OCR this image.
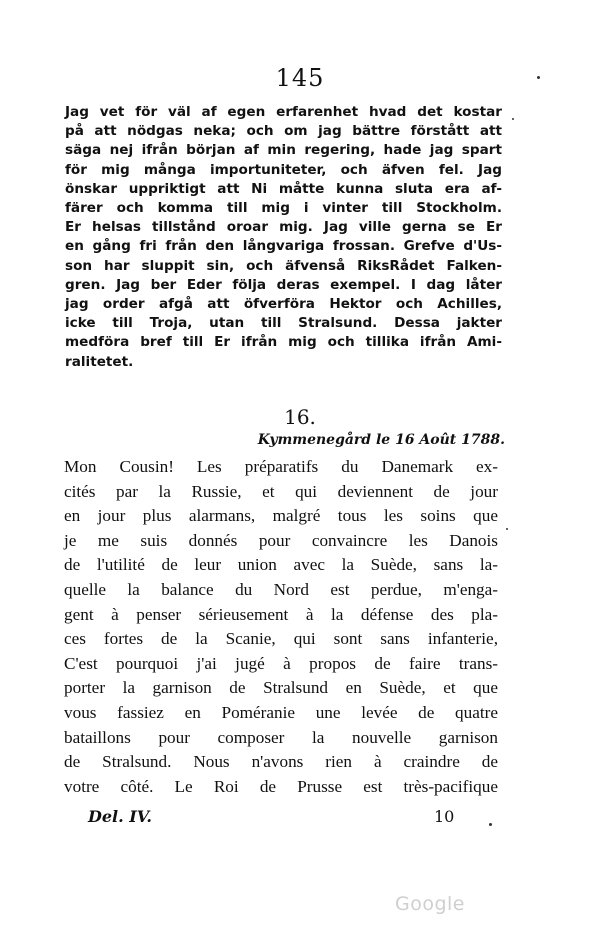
145
Jag vet för väl af egen erfarenhet hvad det kostar
på att nödgas neka; och om jag bättre förstått att
säga nej ifrån början af min regering, hade jag spart
för mig många importuniteter, och äfven fel. Jag
önskar uppriktigt att Ni måtte kunna sluta era af-
färer och komma till mig i vinter till Stockholm.
Er helsas tillstånd oroar mig. Jag ville gerna se Er
en gång fri från den långvariga frossan. Grefve d'Us-
son har sluppit sin, och äfvenså RiksRådet Falken-
gren. Jag ber Eder följa deras exempel. I dag låter
jag order afgå att öfverföra Hektor och Achilles,
icke till Troja, utan till Stralsund. Dessa jakter
medföra bref till Er ifrån mig och tillika ifrån Ami-
ralitetet.
16.
Kymmenegård le 16 Août 1788.
Mon Cousin! Les préparatifs du Danemark ex-
cités par la Russie, et qui deviennent de jour
en jour plus alarmans, malgré tous les soins que
je me suis donnés pour convaincre les Danois
de l'utilité de leur union avec la Suède, sans la-
quelle la balance du Nord est perdue, m'enga-
gent à penser sérieusement à la défense des pla-
ces fortes de la Scanie, qui sont sans infanterie,
C'est pourquoi j'ai jugé à propos de faire trans-
porter la garnison de Stralsund en Suède, et que
vous fassiez en Poméranie une levée de quatre
bataillons pour composer la nouvelle garnison
de Stralsund. Nous n'avons rien à craindre de
votre côté. Le Roi de Prusse est très-pacifique
Del. IV.	10
Google
